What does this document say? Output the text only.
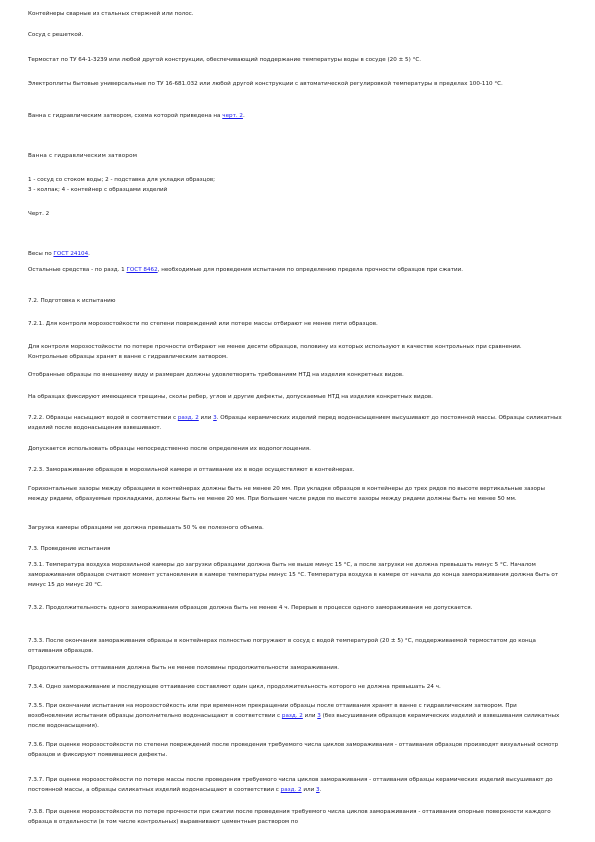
Контейнеры сварные из стальных стержней или полос.

Сосуд с решеткой.

Термостат по ТУ 64-1-3239 или любой другой конструкции, обеспечивающий поддержание температуры воды в сосуде (20 ± 5) °С.

Электроплиты бытовые универсальные по ТУ 16-681.032 или любой другой конструкции с автоматической регулировкой температуры в пределах 100-110 °С.

Ванна с гидравлическим затвором, схема которой приведена на черт. 2.

Ванна с гидравлическим затвором

1 - сосуд со стоком воды; 2 - подставка для укладки образцов;

3 - колпак; 4 - контейнер с образцами изделий

Черт. 2

Весы по ГОСТ 24104.

Остальные средства - по разд. 1 ГОСТ 8462, необходимые для проведения испытания по определению предела прочности образцов при сжатии.

7.2. Подготовка к испытанию

7.2.1. Для контроля морозостойкости по степени повреждений или потере массы отбирают не менее пяти образцов.

Для контроля морозостойкости по потере прочности отбирают не менее десяти образцов, половину из которых используют в качестве контрольных при сравнении. Контрольные образцы хранят в ванне с гидравлическим затвором.

Отобранные образцы по внешнему виду и размерам должны удовлетворять требованиям НТД на изделия конкретных видов.

На образцах фиксируют имеющиеся трещины, сколы ребер, углов и другие дефекты, допускаемые НТД на изделия конкретных видов.

7.2.2. Образцы насыщают водой в соответствии с разд. 2 или 3. Образцы керамических изделий перед водонасыщением высушивают до постоянной массы. Образцы силикатных изделий после водонасыщения взвешивают.

Допускается использовать образцы непосредственно после определения их водопоглощения.

7.2.3. Замораживание образцов в морозильной камере и оттаивание их в воде осуществляют в контейнерах.

Горизонтальные зазоры между образцами в контейнерах должны быть не менее 20 мм. При укладке образцов в контейнеры до трех рядов по высоте вертикальные зазоры между рядами, образуемые прокладками, должны быть не менее 20 мм. При большем числе рядов по высоте зазоры между рядами должны быть не менее 50 мм.

Загрузка камеры образцами не должна превышать 50 % ее полезного объема.

7.3. Проведение испытания

7.3.1. Температура воздуха морозильной камеры до загрузки образцами должна быть не выше минус 15 °С, а после загрузки не должна превышать минус 5 °С. Началом замораживания образцов считают момент установления в камере температуры минус 15 °С. Температура воздуха в камере от начала до конца замораживания должна быть от минус 15 до минус 20 °С.

7.3.2. Продолжительность одного замораживания образцов должна быть не менее 4 ч. Перерыв в процессе одного замораживания не допускается.

7.3.3. После окончания замораживания образцы в контейнерах полностью погружают в сосуд с водой температурой (20 ± 5) °С, поддерживаемой термостатом до конца оттаивания образцов.

Продолжительность оттаивания должна быть не менее половины продолжительности замораживания.

7.3.4. Одно замораживание и последующее оттаивание составляют один цикл, продолжительность которого не должна превышать 24 ч.

7.3.5. При окончании испытания на морозостойкость или при временном прекращении образцы после оттаивания хранят в ванне с гидравлическим затвором. При возобновлении испытания образцы дополнительно водонасыщают в соответствии с разд. 2 или 3 (без высушивания образцов керамических изделий и взвешивания силикатных после водонасыщения).

7.3.6. При оценке морозостойкости по степени повреждений после проведения требуемого числа циклов замораживания - оттаивания образцов производят визуальный осмотр образцов и фиксируют появившиеся дефекты.

7.3.7. При оценке морозостойкости по потере массы после проведения требуемого числа циклов замораживания - оттаивания образцы керамических изделий высушивают до постоянной массы, а образцы силикатных изделий водонасыщают в соответствии с разд. 2 или 3.

7.3.8. При оценке морозостойкости по потере прочности при сжатии после проведения требуемого числа циклов замораживания - оттаивания опорные поверхности каждого образца в отдельности (в том числе контрольных) выравнивают цементным раствором по
